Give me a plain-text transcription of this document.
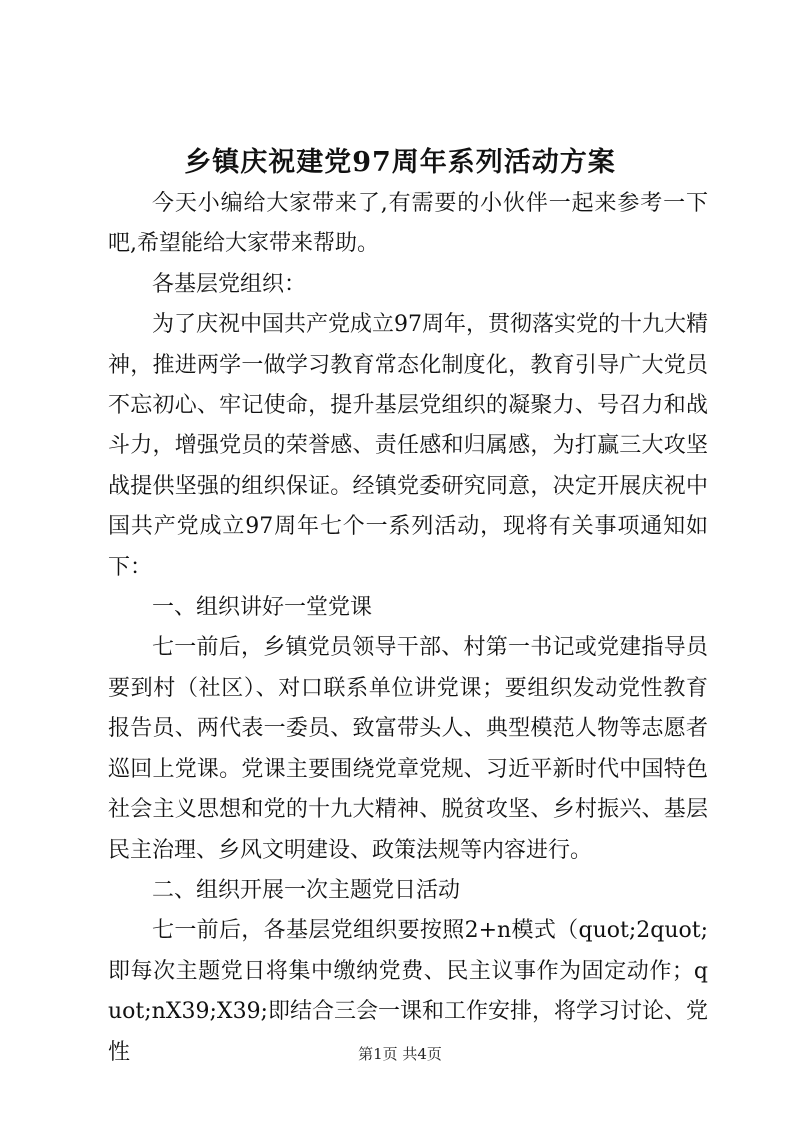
乡镇庆祝建党97周年系列活动方案

今天小编给大家带来了,有需要的小伙伴一起来参考一下吧,希望能给大家带来帮助。

各基层党组织：

为了庆祝中国共产党成立97周年，贯彻落实党的十九大精神，推进两学一做学习教育常态化制度化，教育引导广大党员不忘初心、牢记使命，提升基层党组织的凝聚力、号召力和战斗力，增强党员的荣誉感、责任感和归属感，为打赢三大攻坚战提供坚强的组织保证。经镇党委研究同意，决定开展庆祝中国共产党成立97周年七个一系列活动，现将有关事项通知如下：

一、组织讲好一堂党课

七一前后，乡镇党员领导干部、村第一书记或党建指导员要到村（社区）、对口联系单位讲党课；要组织发动党性教育报告员、两代表一委员、致富带头人、典型模范人物等志愿者巡回上党课。党课主要围绕党章党规、习近平新时代中国特色社会主义思想和党的十九大精神、脱贫攻坚、乡村振兴、基层民主治理、乡风文明建设、政策法规等内容进行。

二、组织开展一次主题党日活动

七一前后，各基层党组织要按照2+n模式（quot;2quot;即每次主题党日将集中缴纳党费、民主议事作为固定动作；quot;nX39;X39;即结合三会一课和工作安排，将学习讨论、党性	第1页 共4页
